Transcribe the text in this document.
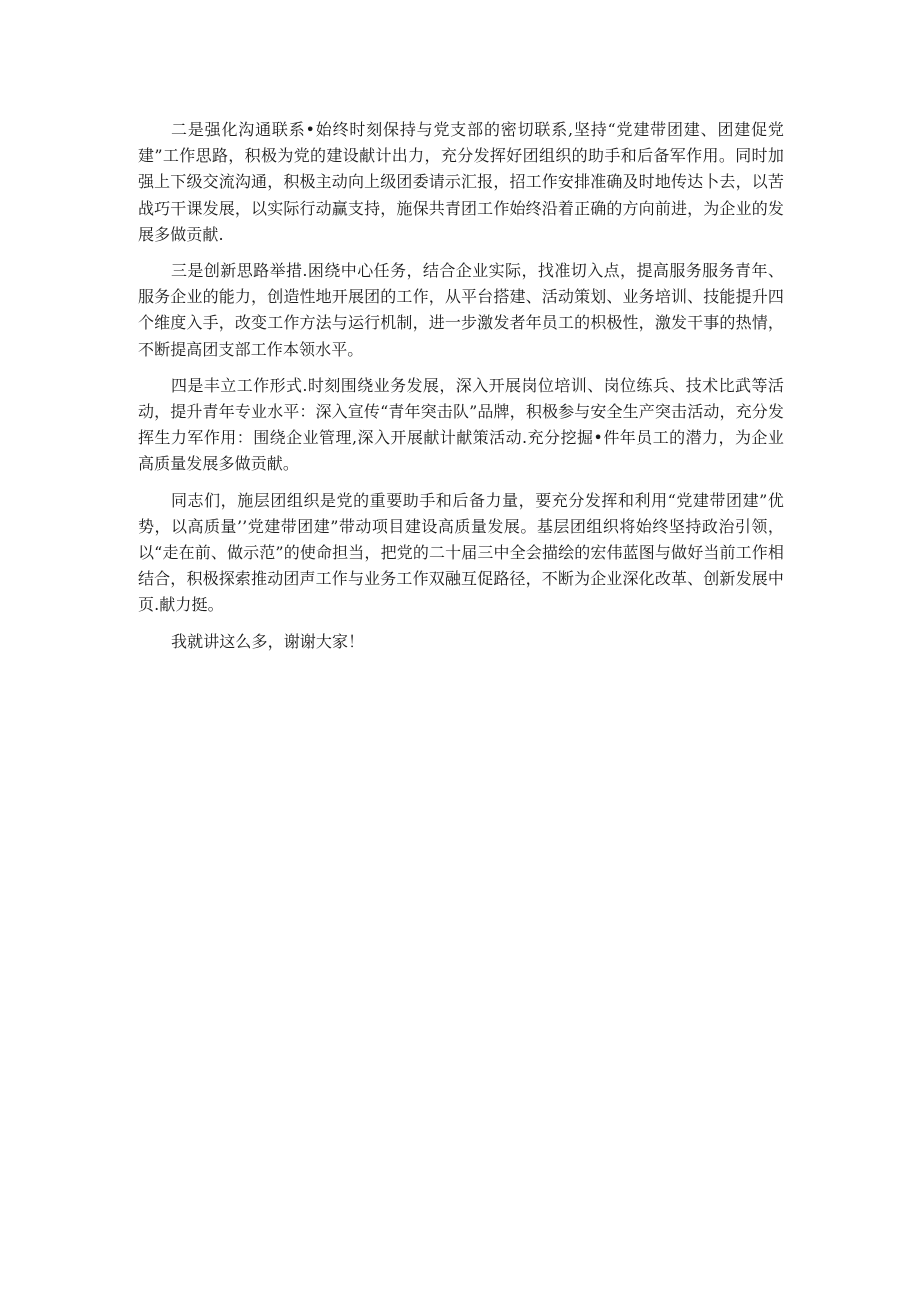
二是强化沟通联系•始终时刻保持与党支部的密切联系,坚持“党建带团建、团建促党建”工作思路，积极为党的建设献计出力，充分发挥好团组织的助手和后备军作用。同时加强上下级交流沟通，积极主动向上级团委请示汇报，招工作安排准确及时地传达卜去，以苦战巧干课发展，以实际行动赢支持，施保共青团工作始终沿着正确的方向前进，为企业的发展多做贡献.

三是创新思路举措.困绕中心任务，结合企业实际，找准切入点，提高服务服务青年、服务企业的能力，创造性地开展团的工作，从平台搭建、活动策划、业务培训、技能提升四个维度入手，改变工作方法与运行机制，进一步激发者年员工的枳极性，激发干事的热情，不断提高团支部工作本领水平。

四是丰立工作形式.时刻围绕业务发展，深入开展岗位培训、岗位练兵、技术比武等活动，提升青年专业水平：深入宣传“青年突击队”品牌，积极参与安全生产突击活动，充分发挥生力军作用：围绕企业管理,深入开展献计献策活动.充分挖掘•件年员工的潜力，为企业高质量发展多做贡献。

同志们，施层团组织是党的重要助手和后备力量，要充分发挥和利用“党建带团建”优势，以高质量’’党建带团建”带动项目建设高质量发展。基层团组织将始终坚持政治引领，以“走在前、做示范”的使命担当，把党的二十届三中全会描绘的宏伟蓝图与做好当前工作相结合，积极探索推动团声工作与业务工作双融互促路径，不断为企业深化改革、创新发展中页.献力挺。

我就讲这么多，谢谢大家！
